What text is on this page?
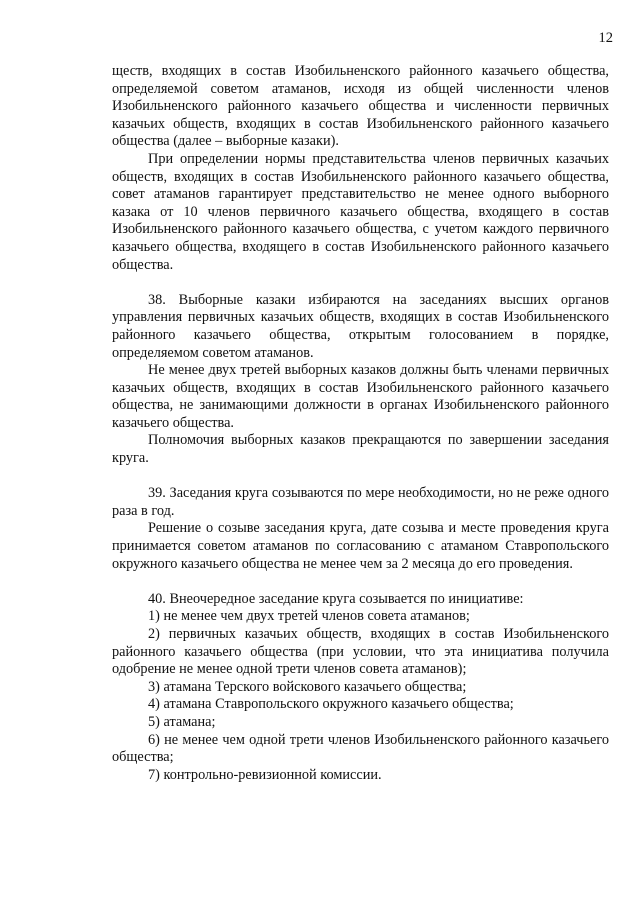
12

ществ, входящих в состав Изобильненского районного казачьего общества, определяемой советом атаманов, исходя из общей численности членов Изобильненского районного казачьего общества и численности первичных казачьих обществ, входящих в состав Изобильненского районного казачьего общества (далее – выборные казаки).

При определении нормы представительства членов первичных казачьих обществ, входящих в состав Изобильненского районного казачьего общества, совет атаманов гарантирует представительство не менее одного выборного казака от 10 членов первичного казачьего общества, входящего в состав Изобильненского районного казачьего общества, с учетом каждого первичного казачьего общества, входящего в состав Изобильненского районного казачьего общества.

38. Выборные казаки избираются на заседаниях высших органов управления первичных казачьих обществ, входящих в состав Изобильненского районного казачьего общества, открытым голосованием в порядке, определяемом советом атаманов.

Не менее двух третей выборных казаков должны быть членами первичных казачьих обществ, входящих в состав Изобильненского районного казачьего общества, не занимающими должности в органах Изобильненского районного казачьего общества.

Полномочия выборных казаков прекращаются по завершении заседания круга.

39. Заседания круга созываются по мере необходимости, но не реже одного раза в год.

Решение о созыве заседания круга, дате созыва и месте проведения круга принимается советом атаманов по согласованию с атаманом Ставропольского окружного казачьего общества не менее чем за 2 месяца до его проведения.

40. Внеочередное заседание круга созывается по инициативе:

1) не менее чем двух третей членов совета атаманов;

2) первичных казачьих обществ, входящих в состав Изобильненского районного казачьего общества (при условии, что эта инициатива получила одобрение не менее одной трети членов совета атаманов);

3) атамана Терского войскового казачьего общества;

4) атамана Ставропольского окружного казачьего общества;

5) атамана;

6) не менее чем одной трети членов Изобильненского районного казачьего общества;

7) контрольно-ревизионной комиссии.
